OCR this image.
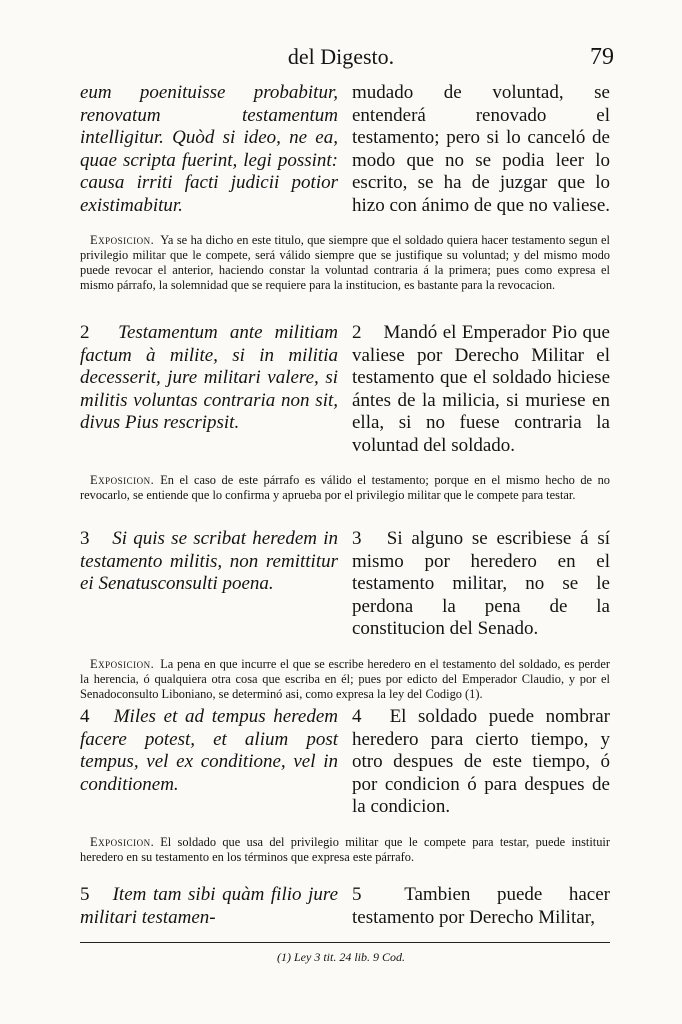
del Digesto.	79
eum poenituisse probabitur, renovatum testamentum intelligitur. Quòd si ideo, ne ea, quae scripta fuerint, legi possint: causa irriti facti judicii potior existimabitur.
mudado de voluntad, se entenderá renovado el testamento; pero si lo canceló de modo que no se podia leer lo escrito, se ha de juzgar que lo hizo con ánimo de que no valiese.
Exposicion. Ya se ha dicho en este titulo, que siempre que el soldado quiera hacer testamento segun el privilegio militar que le compete, será válido siempre que se justifique su voluntad; y del mismo modo puede revocar el anterior, haciendo constar la voluntad contraria á la primera; pues como expresa el mismo párrafo, la solemnidad que se requiere para la institucion, es bastante para la revocacion.
2 Testamentum ante militiam factum à milite, si in militia decesserit, jure militari valere, si militis voluntas contraria non sit, divus Pius rescripsit.
2 Mandó el Emperador Pio que valiese por Derecho Militar el testamento que el soldado hiciese ántes de la milicia, si muriese en ella, si no fuese contraria la voluntad del soldado.
Exposicion. En el caso de este párrafo es válido el testamento; porque en el mismo hecho de no revocarlo, se entiende que lo confirma y aprueba por el privilegio militar que le compete para testar.
3 Si quis se scribat heredem in testamento militis, non remittitur ei Senatusconsulti poena.
3 Si alguno se escribiese á sí mismo por heredero en el testamento militar, no se le perdona la pena de la constitucion del Senado.
Exposicion. La pena en que incurre el que se escribe heredero en el testamento del soldado, es perder la herencia, ó qualquiera otra cosa que escriba en él; pues por edicto del Emperador Claudio, y por el Senadoconsulto Liboniano, se determinó asi, como expresa la ley del Codigo (1).
4 Miles et ad tempus heredem facere potest, et alium post tempus, vel ex conditione, vel in conditionem.
4 El soldado puede nombrar heredero para cierto tiempo, y otro despues de este tiempo, ó por condicion ó para despues de la condicion.
Exposicion. El soldado que usa del privilegio militar que le compete para testar, puede instituir heredero en su testamento en los términos que expresa este párrafo.
5 Item tam sibi quàm filio jure militari testamen-
5 Tambien puede hacer testamento por Derecho Militar,
(1) Ley 3 tit. 24 lib. 9 Cod.
